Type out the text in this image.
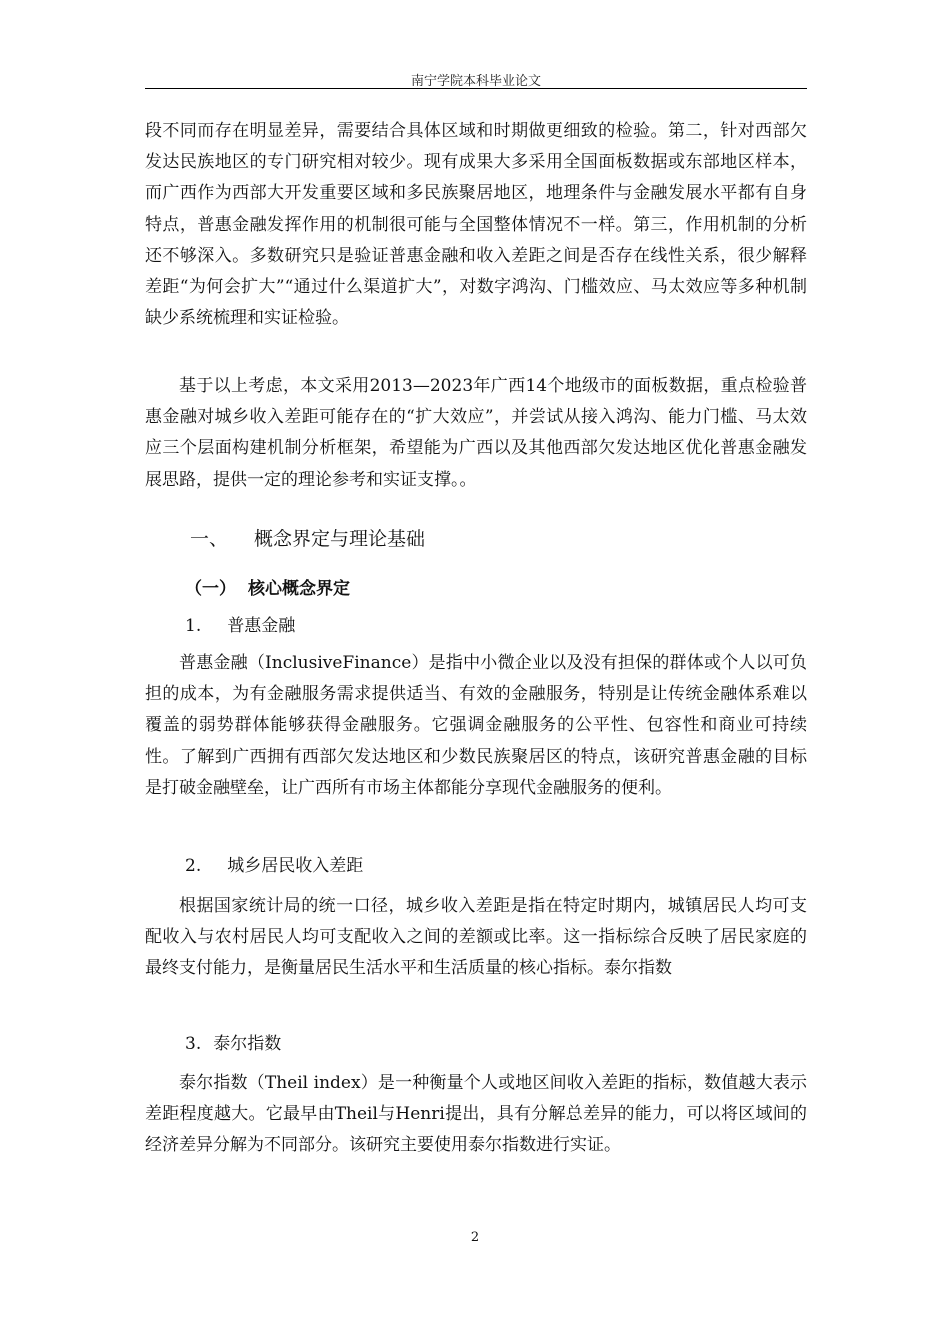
南宁学院本科毕业论文

段不同而存在明显差异，需要结合具体区域和时期做更细致的检验。第二，针对西部欠发达民族地区的专门研究相对较少。现有成果大多采用全国面板数据或东部地区样本，而广西作为西部大开发重要区域和多民族聚居地区，地理条件与金融发展水平都有自身特点，普惠金融发挥作用的机制很可能与全国整体情况不一样。第三，作用机制的分析还不够深入。多数研究只是验证普惠金融和收入差距之间是否存在线性关系，很少解释差距“为何会扩大”“通过什么渠道扩大”，对数字鸿沟、门槛效应、马太效应等多种机制缺少系统梳理和实证检验。

基于以上考虑，本文采用2013—2023年广西14个地级市的面板数据，重点检验普惠金融对城乡收入差距可能存在的“扩大效应”，并尝试从接入鸿沟、能力门槛、马太效应三个层面构建机制分析框架，希望能为广西以及其他西部欠发达地区优化普惠金融发展思路，提供一定的理论参考和实证支撑。。

一、 概念界定与理论基础
（一） 核心概念界定
1. 普惠金融

普惠金融（InclusiveFinance）是指中小微企业以及没有担保的群体或个人以可负担的成本，为有金融服务需求提供适当、有效的金融服务，特别是让传统金融体系难以覆盖的弱势群体能够获得金融服务。它强调金融服务的公平性、包容性和商业可持续性。了解到广西拥有西部欠发达地区和少数民族聚居区的特点，该研究普惠金融的目标是打破金融壁垒，让广西所有市场主体都能分享现代金融服务的便利。

2. 城乡居民收入差距

根据国家统计局的统一口径，城乡收入差距是指在特定时期内，城镇居民人均可支配收入与农村居民人均可支配收入之间的差额或比率。这一指标综合反映了居民家庭的最终支付能力，是衡量居民生活水平和生活质量的核心指标。泰尔指数

3. 泰尔指数

泰尔指数（Theil index）是一种衡量个人或地区间收入差距的指标，数值越大表示差距程度越大。它最早由Theil与Henri提出，具有分解总差异的能力，可以将区域间的经济差异分解为不同部分。该研究主要使用泰尔指数进行实证。

2
